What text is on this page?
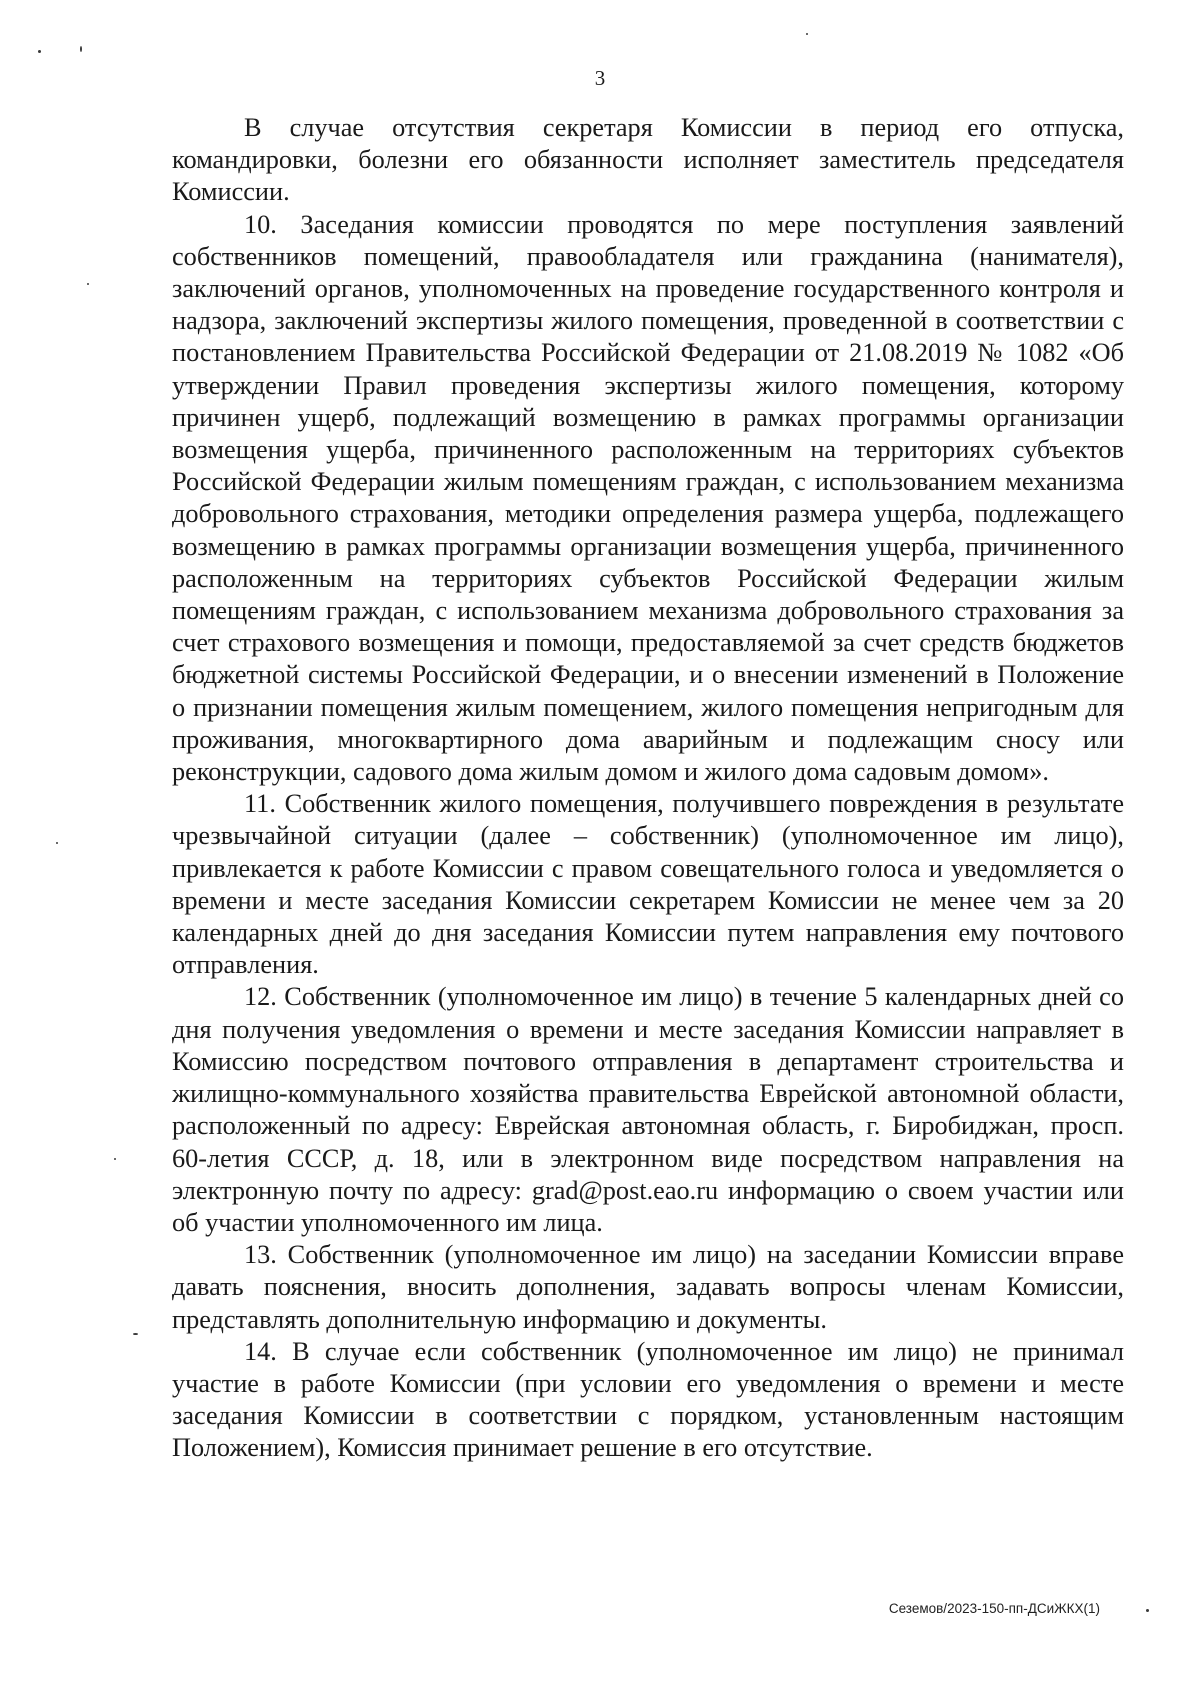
3

В случае отсутствия секретаря Комиссии в период его отпуска, командировки, болезни его обязанности исполняет заместитель председателя Комиссии.

10. Заседания комиссии проводятся по мере поступления заявлений собственников помещений, правообладателя или гражданина (нанимателя), заключений органов, уполномоченных на проведение государственного контроля и надзора, заключений экспертизы жилого помещения, проведенной в соответствии с постановлением Правительства Российской Федерации от 21.08.2019 № 1082 «Об утверждении Правил проведения экспертизы жилого помещения, которому причинен ущерб, подлежащий возмещению в рамках программы организации возмещения ущерба, причиненного расположенным на территориях субъектов Российской Федерации жилым помещениям граждан, с использованием механизма добровольного страхования, методики определения размера ущерба, подлежащего возмещению в рамках программы организации возмещения ущерба, причиненного расположенным на территориях субъектов Российской Федерации жилым помещениям граждан, с использованием механизма добровольного страхования за счет страхового возмещения и помощи, предоставляемой за счет средств бюджетов бюджетной системы Российской Федерации, и о внесении изменений в Положение о признании помещения жилым помещением, жилого помещения непригодным для проживания, многоквартирного дома аварийным и подлежащим сносу или реконструкции, садового дома жилым домом и жилого дома садовым домом».

11. Собственник жилого помещения, получившего повреждения в результате чрезвычайной ситуации (далее – собственник) (уполномоченное им лицо), привлекается к работе Комиссии с правом совещательного голоса и уведомляется о времени и месте заседания Комиссии секретарем Комиссии не менее чем за 20 календарных дней до дня заседания Комиссии путем направления ему почтового отправления.

12. Собственник (уполномоченное им лицо) в течение 5 календарных дней со дня получения уведомления о времени и месте заседания Комиссии направляет в Комиссию посредством почтового отправления в департамент строительства и жилищно-коммунального хозяйства правительства Еврейской автономной области, расположенный по адресу: Еврейская автономная область, г. Биробиджан, просп. 60-летия СССР, д. 18, или в электронном виде посредством направления на электронную почту по адресу: grad@post.eao.ru информацию о своем участии или об участии уполномоченного им лица.

13. Собственник (уполномоченное им лицо) на заседании Комиссии вправе давать пояснения, вносить дополнения, задавать вопросы членам Комиссии, представлять дополнительную информацию и документы.

14. В случае если собственник (уполномоченное им лицо) не принимал участие в работе Комиссии (при условии его уведомления о времени и месте заседания Комиссии в соответствии с порядком, установленным настоящим Положением), Комиссия принимает решение в его отсутствие.

Сеземов/2023-150-пп-ДСиЖКХ(1)
